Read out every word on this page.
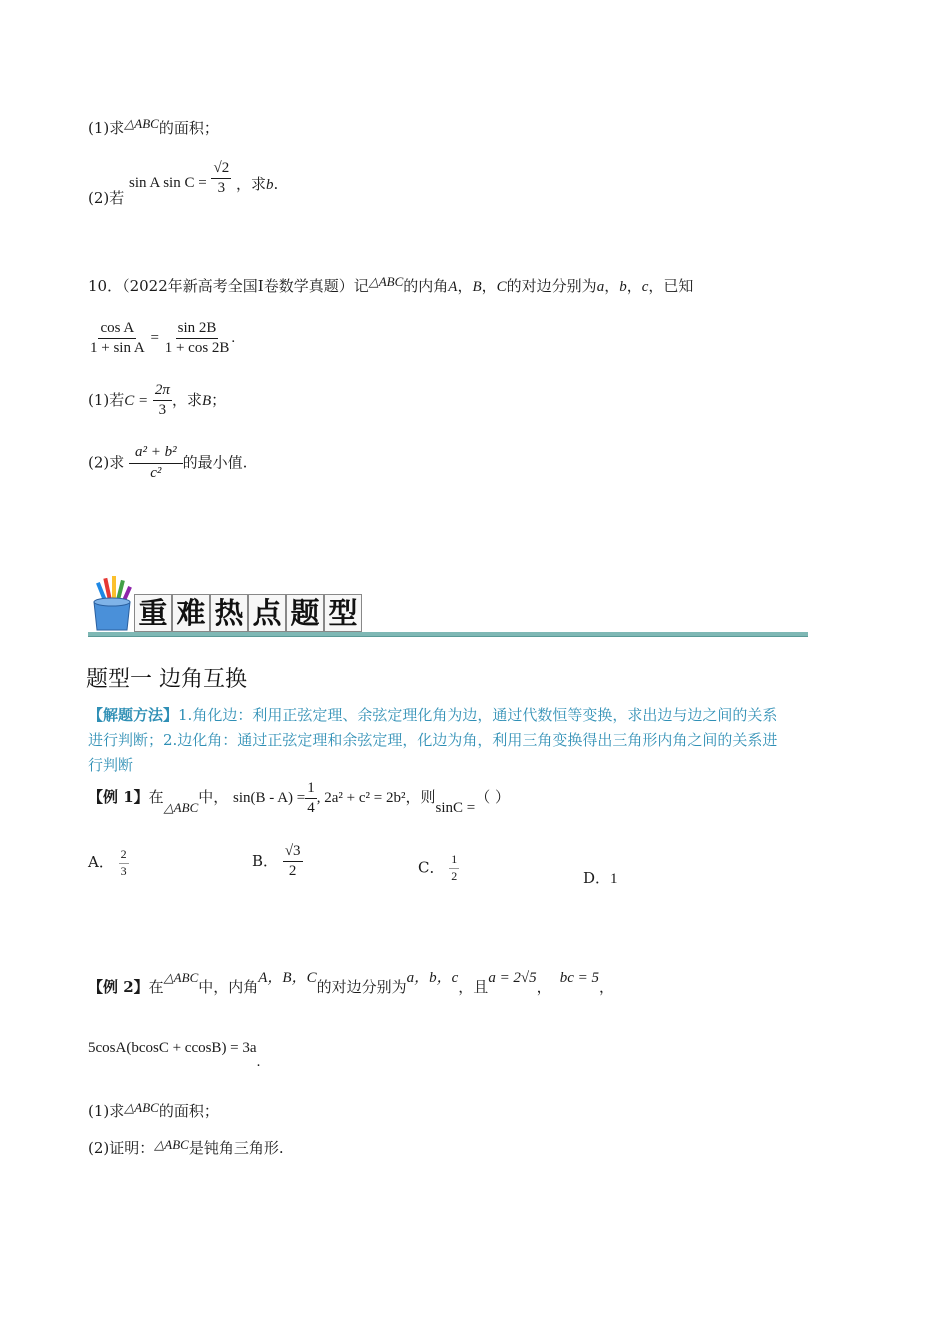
(1)求△ABC的面积；
(2)若 sin A $\sin C = \frac{√2}{3}$ ，求b.
10．（2022年新高考全国I卷数学真题）记△ABC的内角A，B，C的对边分别为a，b，c，已知
$\frac{\text{cos A}}{\text{1 + sin A}} = \frac{\sin 2B}{1 + \cos 2B}$ .
(1)若$C = \frac{2\pi}{3}$ ，求B；
(2)求 $\frac{\text{a² + b²}}{\text{c²}}$ 的最小值.
重 难 热 点 题 型
题型一 边角互换
【解题方法】1.角化边：利用正弦定理、余弦定理化角为边，通过代数恒等变换，求出边与边之间的关系
进行判断；2.边化角：通过正弦定理和余弦定理，化边为角，利用三角变换得出三角形内角之间的关系进
行判断
【例 1】在△ABC中， $\sin(B - A) = \frac{1}{4}$ , 2a² + c² = 2b²，则sinC =（ ）
A． $\frac{2}{3}$	B． $\frac{√3}{2}$	C． $\frac{1}{2}$	D．1
【例 2】在△ABC中，内角A，B，C的对边分别为a，b，c，且a = 2√5， bc = 5，
5cosA(bcosC + ccosB) = 3a.
(1)求△ABC的面积；
(2)证明：△ABC是钝角三角形.
